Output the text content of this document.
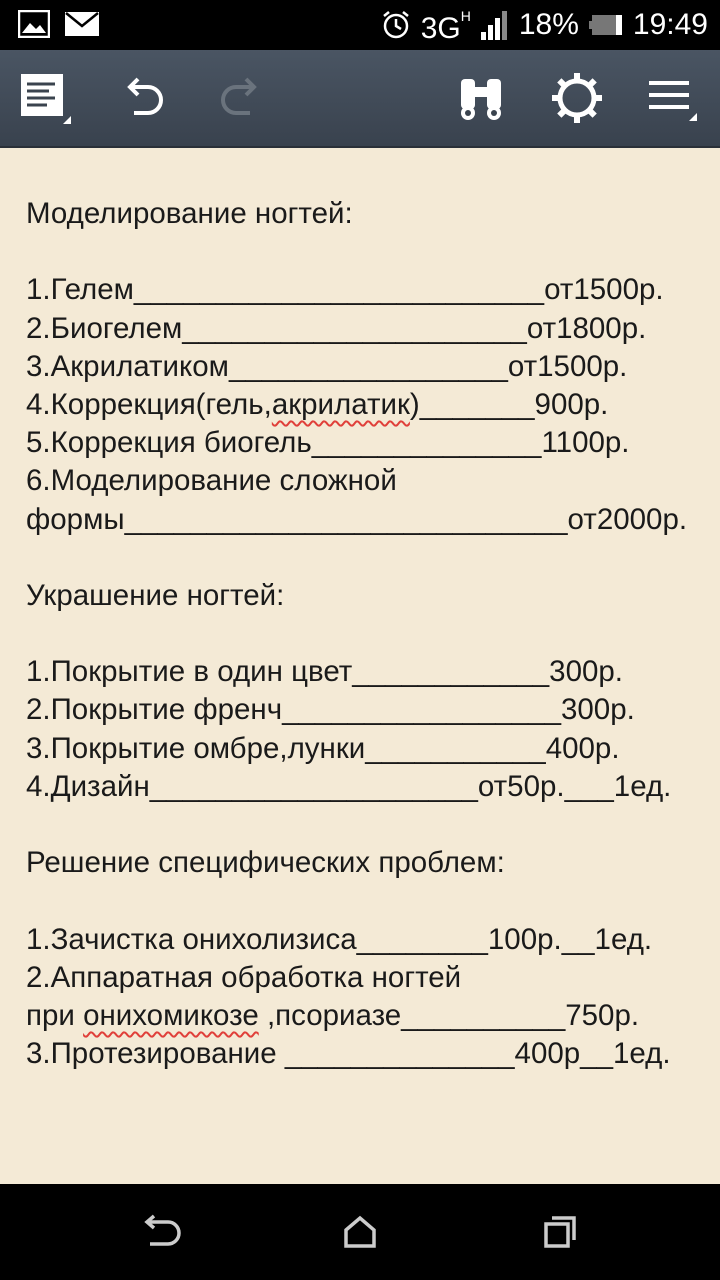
$3G^H$ 18% 19:49
Моделирование ногтей:
1.Гелем_________________________от1500р.
2.Биогелем_____________________от1800р.
3.Акрилатиком_________________от1500р.
4.Коррекция(гель,акрилатик)_______900р.
5.Коррекция биогель______________1100р.
6.Моделирование сложной
формы___________________________от2000р.
Украшение ногтей:
1.Покрытие в один цвет____________300р.
2.Покрытие френч_________________300р.
3.Покрытие омбре,лунки___________400р.
4.Дизайн____________________от50р.___1ед.
Решение специфических проблем:
1.Зачистка онихолизиса________100р.__1ед.
2.Аппаратная обработка ногтей
при онихомикозе ,псориазе__________750р.
3.Протезирование ______________400р__1ед.
